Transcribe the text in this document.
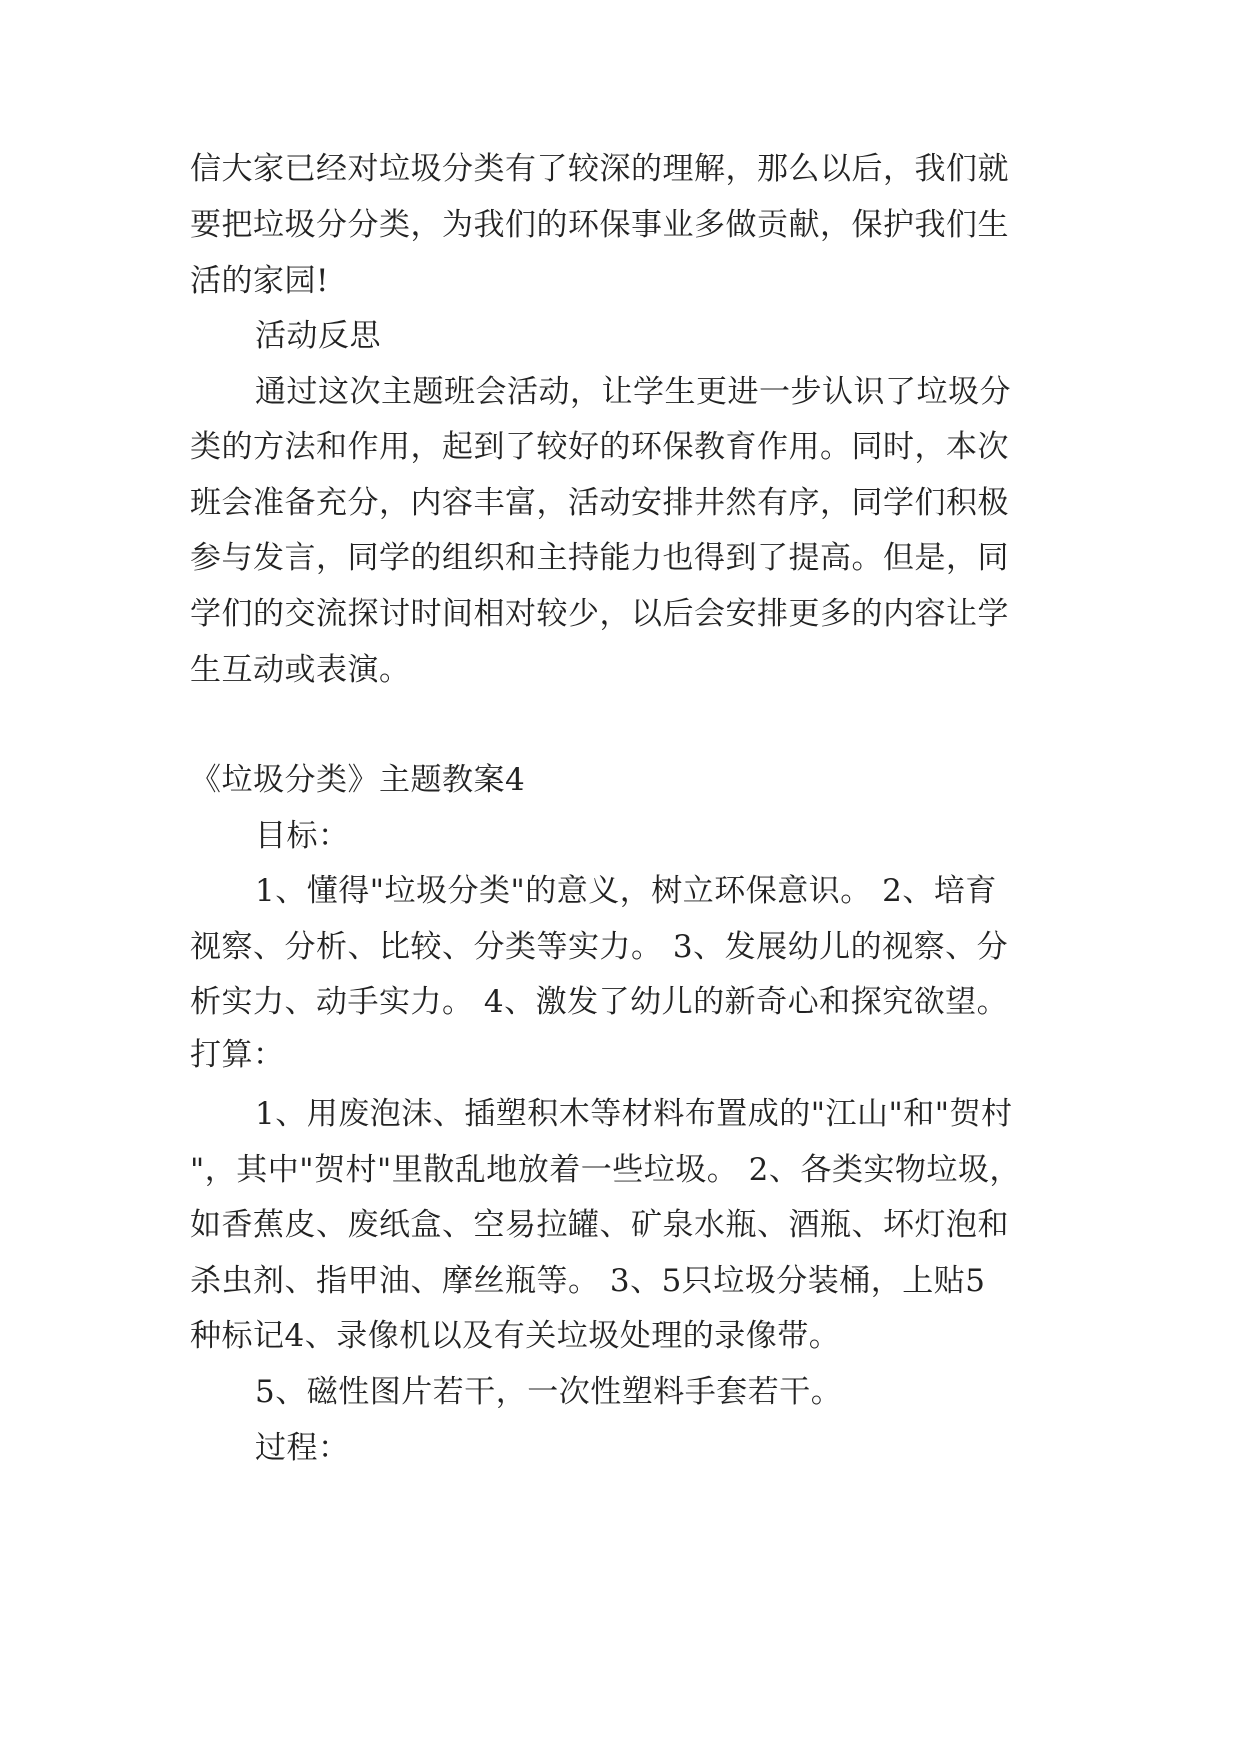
信大家已经对垃圾分类有了较深的理解，那么以后，我们就
要把垃圾分分类，为我们的环保事业多做贡献，保护我们生
活的家园!
活动反思
通过这次主题班会活动，让学生更进一步认识了垃圾分
类的方法和作用，起到了较好的环保教育作用。同时，本次
班会准备充分，内容丰富，活动安排井然有序，同学们积极
参与发言，同学的组织和主持能力也得到了提高。但是，同
学们的交流探讨时间相对较少，以后会安排更多的内容让学
生互动或表演。
《垃圾分类》主题教案4
目标：
1、懂得"垃圾分类"的意义，树立环保意识。 2、培育
视察、分析、比较、分类等实力。 3、发展幼儿的视察、分
析实力、动手实力。 4、激发了幼儿的新奇心和探究欲望。
打算：
1、用废泡沫、插塑积木等材料布置成的"江山"和"贺村
"，其中"贺村"里散乱地放着一些垃圾。 2、各类实物垃圾，
如香蕉皮、废纸盒、空易拉罐、矿泉水瓶、酒瓶、坏灯泡和
杀虫剂、指甲油、摩丝瓶等。 3、5只垃圾分装桶，上贴5
种标记4、录像机以及有关垃圾处理的录像带。
5、磁性图片若干，一次性塑料手套若干。
过程：
